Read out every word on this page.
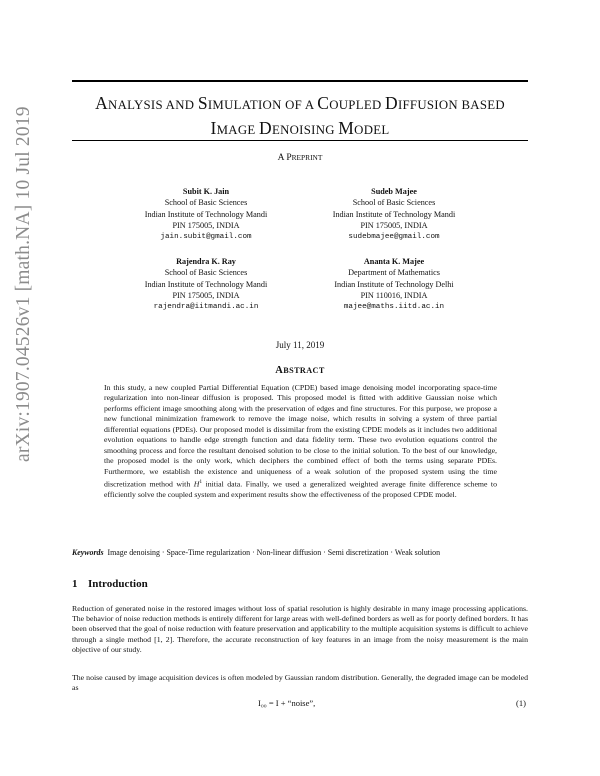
arXiv:1907.04526v1 [math.NA] 10 Jul 2019
ANALYSIS AND SIMULATION OF A COUPLED DIFFUSION BASED
IMAGE DENOISING MODEL
A PREPRINT
Subit K. Jain
School of Basic Sciences
Indian Institute of Technology Mandi
PIN 175005, INDIA
jain.subit@gmail.com
Sudeb Majee
School of Basic Sciences
Indian Institute of Technology Mandi
PIN 175005, INDIA
sudebmajee@gmail.com
Rajendra K. Ray
School of Basic Sciences
Indian Institute of Technology Mandi
PIN 175005, INDIA
rajendra@iitmandi.ac.in
Ananta K. Majee
Department of Mathematics
Indian Institute of Technology Delhi
PIN 110016, INDIA
majee@maths.iitd.ac.in
July 11, 2019
ABSTRACT
In this study, a new coupled Partial Differential Equation (CPDE) based image denoising model incorporating space-time regularization into non-linear diffusion is proposed. This proposed model is fitted with additive Gaussian noise which performs efficient image smoothing along with the preservation of edges and fine structures. For this purpose, we propose a new functional minimization framework to remove the image noise, which results in solving a system of three partial differential equations (PDEs). Our proposed model is dissimilar from the existing CPDE models as it includes two additional evolution equations to handle edge strength function and data fidelity term. These two evolution equations control the smoothing process and force the resultant denoised solution to be close to the initial solution. To the best of our knowledge, the proposed model is the only work, which deciphers the combined effect of both the terms using separate PDEs. Furthermore, we establish the existence and uniqueness of a weak solution of the proposed system using the time discretization method with $H^1$ initial data. Finally, we used a generalized weighted average finite difference scheme to efficiently solve the coupled system and experiment results show the effectiveness of the proposed CPDE model.
Keywords Image denoising · Space-Time regularization · Non-linear diffusion · Semi discretization · Weak solution
1 Introduction
Reduction of generated noise in the restored images without loss of spatial resolution is highly desirable in many image processing applications. The behavior of noise reduction methods is entirely different for large areas with well-defined borders as well as for poorly defined borders. It has been observed that the goal of noise reduction with feature preservation and applicability to the multiple acquisition systems is difficult to achieve through a single method [1, 2]. Therefore, the accurate reconstruction of key features in an image from the noisy measurement is the main objective of our study.
The noise caused by image acquisition devices is often modeled by Gaussian random distribution. Generally, the degraded image can be modeled as
I₀₀ = I + “noise”,	(1)
